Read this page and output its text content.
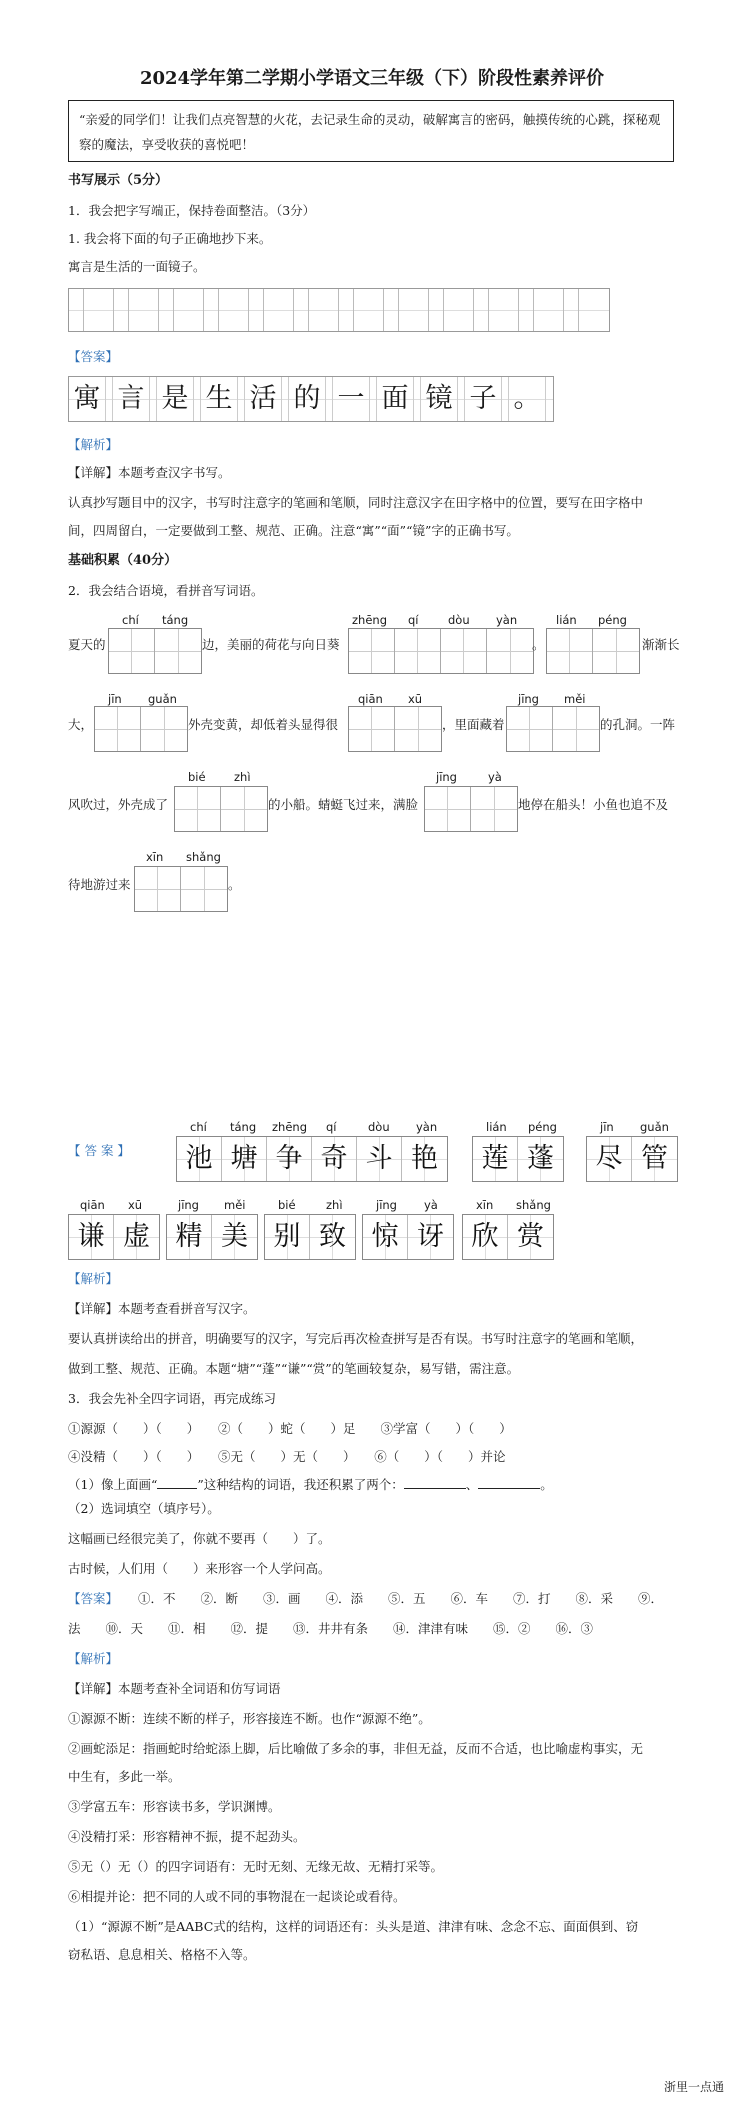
2024学年第二学期小学语文三年级（下）阶段性素养评价
“亲爱的同学们！让我们点亮智慧的火花，去记录生命的灵动，破解寓言的密码，触摸传统的心跳，探秘观察的魔法，享受收获的喜悦吧！
书写展示（5分）
1．我会把字写端正，保持卷面整洁。（3分）
1. 我会将下面的句子正确地抄下来。
寓言是生活的一面镜子。
【答案】
寓 言 是 生 活 的 一 面 镜 子 。
【解析】
【详解】本题考查汉字书写。
认真抄写题目中的汉字，书写时注意字的笔画和笔顺，同时注意汉字在田字格中的位置，要写在田字格中
间，四周留白，一定要做到工整、规范、正确。注意“寓”“面”“镜”字的正确书写。
基础积累（40分）
2．我会结合语境，看拼音写词语。
chí táng
夏天的	边，美丽的荷花与向日葵
zhēng qí	dòu yàn
。
lián péng
渐渐长
jīn guǎn
大，	外壳变黄，却低着头显得很
qiān xū
，里面藏着
jīng měi
的孔洞。一阵
bié zhì
风吹过，外壳成了	的小船。蜻蜓飞过来，满脸
jīng	yà
地停在船头！小鱼也追不及
xīn shǎng
待地游过来	。
【 答 案 】
chí táng zhēng qí	dòu yàn
池 塘 争 奇 斗 艳
lián péng
莲 蓬
jīn guǎn
尽 管
qiān xū
谦 虚
jīng měi
精 美
bié	zhì
别 致
jīng yà
惊 讶
xīn shǎng
欣 赏
【解析】
【详解】本题考查看拼音写汉字。
要认真拼读给出的拼音，明确要写的汉字，写完后再次检查拼写是否有误。书写时注意字的笔画和笔顺，
做到工整、规范、正确。本题“塘”“蓬”“谦”“赏”的笔画较复杂，易写错，需注意。
3．我会先补全四字词语，再完成练习
①源源（　　）（　　）　　②（　　）蛇（　　）足　　③学富（　　）（　　）
④没精（　　）（　　）　　⑤无（　　）无（　　）　　⑥（　　）（　　）并论
（1）像上面画“	”这种结构的词语，我还积累了两个：	、	。
（2）选词填空（填序号）。
这幅画已经很完美了，你就不要再（　　）了。
古时候，人们用（　　）来形容一个人学问高。
【答案】 ①．不　　②．断　　③．画　　④．添　　⑤．五　　⑥．车　　⑦．打　　⑧．采　　⑨．
法　　⑩．天　　⑪．相　　⑫．提　　⑬．井井有条　　⑭．津津有味　　⑮．②　　⑯．③
【解析】
【详解】本题考查补全词语和仿写词语
①源源不断：连续不断的样子，形容接连不断。也作“源源不绝”。
②画蛇添足：指画蛇时给蛇添上脚，后比喻做了多余的事，非但无益，反而不合适，也比喻虚构事实，无
中生有，多此一举。
③学富五车：形容读书多，学识渊博。
④没精打采：形容精神不振，提不起劲头。
⑤无（）无（）的四字词语有：无时无刻、无缘无故、无精打采等。
⑥相提并论：把不同的人或不同的事物混在一起谈论或看待。
（1）“源源不断”是AABC式的结构，这样的词语还有：头头是道、津津有味、念念不忘、面面俱到、窃
窃私语、息息相关、格格不入等。
浙里一点通
